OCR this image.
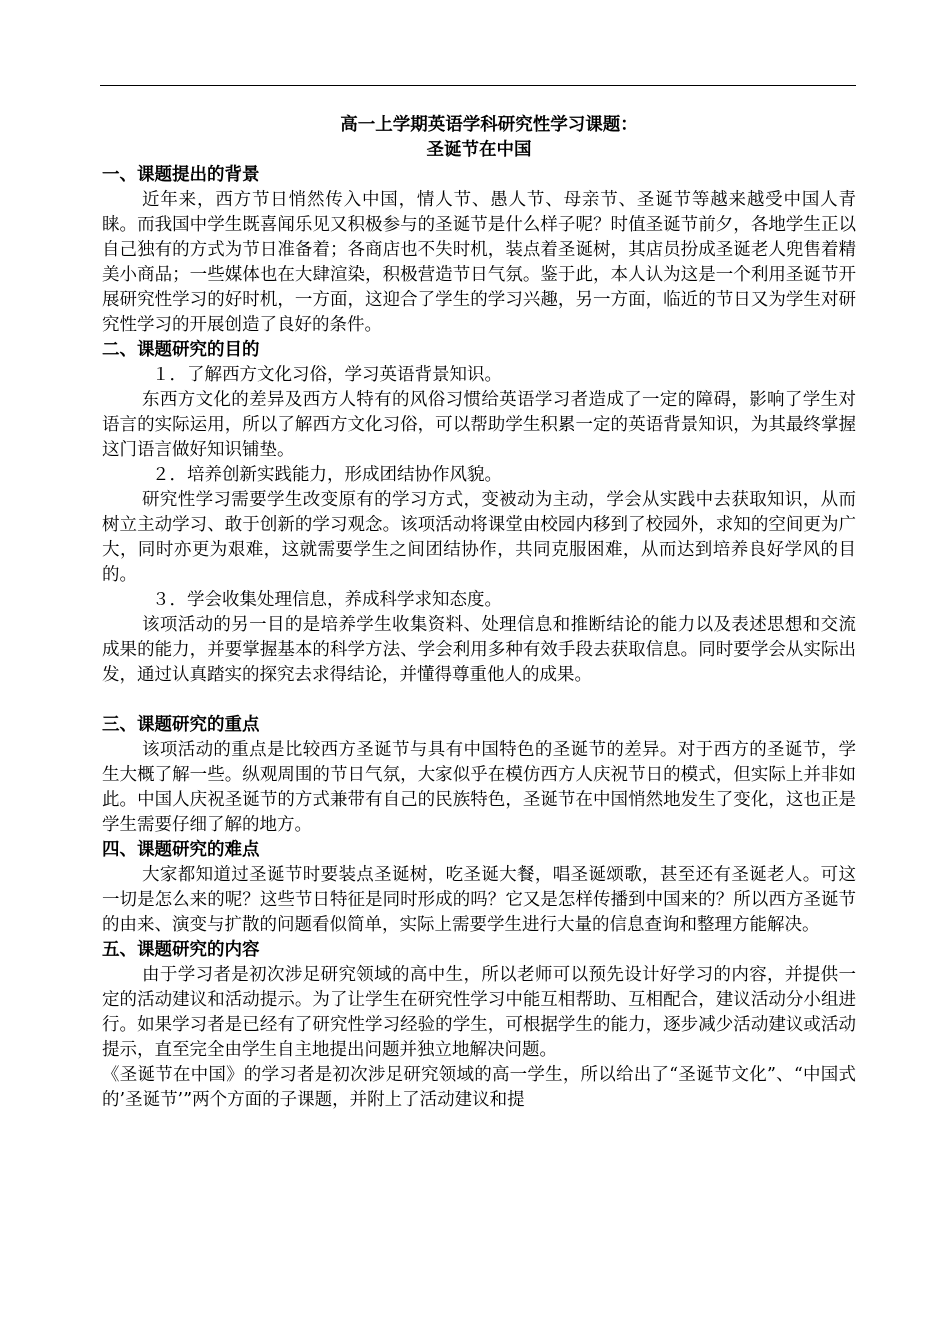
高一上学期英语学科研究性学习课题：

圣诞节在中国

一、课题提出的背景

近年来，西方节日悄然传入中国，情人节、愚人节、母亲节、圣诞节等越来越受中国人青睐。而我国中学生既喜闻乐见又积极参与的圣诞节是什么样子呢？时值圣诞节前夕，各地学生正以自己独有的方式为节日准备着；各商店也不失时机，装点着圣诞树，其店员扮成圣诞老人兜售着精美小商品；一些媒体也在大肆渲染，积极营造节日气氛。鉴于此，本人认为这是一个利用圣诞节开展研究性学习的好时机，一方面，这迎合了学生的学习兴趣，另一方面，临近的节日又为学生对研究性学习的开展创造了良好的条件。

二、课题研究的目的

１．了解西方文化习俗，学习英语背景知识。

东西方文化的差异及西方人特有的风俗习惯给英语学习者造成了一定的障碍，影响了学生对语言的实际运用，所以了解西方文化习俗，可以帮助学生积累一定的英语背景知识，为其最终掌握这门语言做好知识铺垫。

２．培养创新实践能力，形成团结协作风貌。

研究性学习需要学生改变原有的学习方式，变被动为主动，学会从实践中去获取知识，从而树立主动学习、敢于创新的学习观念。该项活动将课堂由校园内移到了校园外，求知的空间更为广大，同时亦更为艰难，这就需要学生之间团结协作，共同克服困难，从而达到培养良好学风的目的。

３．学会收集处理信息，养成科学求知态度。

该项活动的另一目的是培养学生收集资料、处理信息和推断结论的能力以及表述思想和交流成果的能力，并要掌握基本的科学方法、学会利用多种有效手段去获取信息。同时要学会从实际出发，通过认真踏实的探究去求得结论，并懂得尊重他人的成果。

三、课题研究的重点

该项活动的重点是比较西方圣诞节与具有中国特色的圣诞节的差异。对于西方的圣诞节，学生大概了解一些。纵观周围的节日气氛，大家似乎在模仿西方人庆祝节日的模式，但实际上并非如此。中国人庆祝圣诞节的方式兼带有自己的民族特色，圣诞节在中国悄然地发生了变化，这也正是学生需要仔细了解的地方。

四、课题研究的难点

大家都知道过圣诞节时要装点圣诞树，吃圣诞大餐，唱圣诞颂歌，甚至还有圣诞老人。可这一切是怎么来的呢？这些节日特征是同时形成的吗？它又是怎样传播到中国来的？所以西方圣诞节的由来、演变与扩散的问题看似简单，实际上需要学生进行大量的信息查询和整理方能解决。

五、课题研究的内容

由于学习者是初次涉足研究领域的高中生，所以老师可以预先设计好学习的内容，并提供一定的活动建议和活动提示。为了让学生在研究性学习中能互相帮助、互相配合，建议活动分小组进行。如果学习者是已经有了研究性学习经验的学生，可根据学生的能力，逐步减少活动建议或活动提示，直至完全由学生自主地提出问题并独立地解决问题。

《圣诞节在中国》的学习者是初次涉足研究领域的高一学生，所以给出了“圣诞节文化”、“中国式的’圣诞节’”两个方面的子课题，并附上了活动建议和提
